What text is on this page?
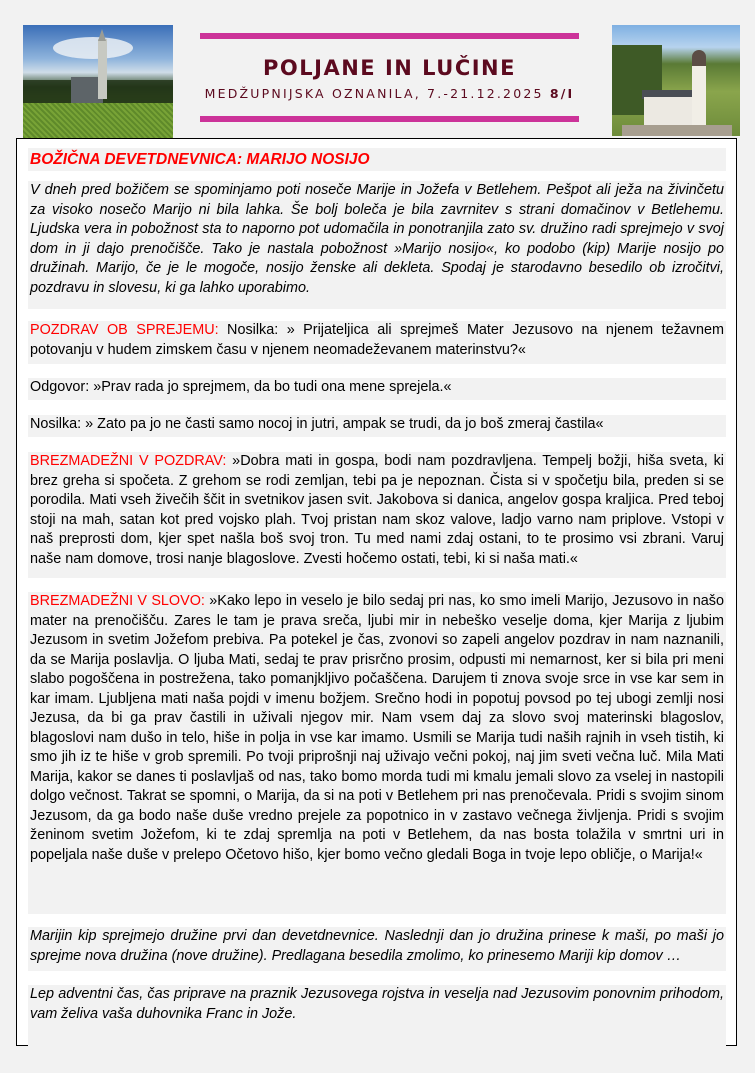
POLJANE IN LUČINE
MEDŽUPNIJSKA OZNANILA, 7.-21.12.2025 8/I
BOŽIČNA DEVETDNEVNICA: MARIJO NOSIJO
V dneh pred božičem se spominjamo poti noseče Marije in Jožefa v Betlehem. Pešpot ali ježa na živinčetu za visoko nosečo Marijo ni bila lahka. Še bolj boleča je bila zavrnitev s strani domačinov v Betlehemu. Ljudska vera in pobožnost sta to naporno pot udomačila in ponotranjila zato sv. družino radi sprejmejo v svoj dom in ji dajo prenočišče. Tako je nastala pobožnost »Marijo nosijo«, ko podobo (kip) Marije nosijo po družinah. Marijo, če je le mogoče, nosijo ženske ali dekleta. Spodaj je starodavno besedilo ob izročitvi, pozdravu in slovesu, ki ga lahko uporabimo.
POZDRAV OB SPREJEMU: Nosilka: » Prijateljica ali sprejmeš Mater Jezusovo na njenem težavnem potovanju v hudem zimskem času v njenem neomadeževanem materinstvu?«
Odgovor: »Prav rada jo sprejmem, da bo tudi ona mene sprejela.«
Nosilka: » Zato pa jo ne časti samo nocoj in jutri, ampak se trudi, da jo boš zmeraj častila«
BREZMADEŽNI V POZDRAV: »Dobra mati in gospa, bodi nam pozdravljena. Tempelj božji, hiša sveta, ki brez greha si spočeta. Z grehom se rodi zemljan, tebi pa je nepoznan. Čista si v spočetju bila, preden si se porodila. Mati vseh živečih ščit in svetnikov jasen svit. Jakobova si danica, angelov gospa kraljica. Pred teboj stoji na mah, satan kot pred vojsko plah. Tvoj pristan nam skoz valove, ladjo varno nam priplove. Vstopi v naš preprosti dom, kjer spet našla boš svoj tron. Tu med nami zdaj ostani, to te prosimo vsi zbrani. Varuj naše nam domove, trosi nanje blagoslove. Zvesti hočemo ostati, tebi, ki si naša mati.«
BREZMADEŽNI V SLOVO: »Kako lepo in veselo je bilo sedaj pri nas, ko smo imeli Marijo, Jezusovo in našo mater na prenočišču. Zares le tam je prava sreča, ljubi mir in nebeško veselje doma, kjer Marija z ljubim Jezusom in svetim Jožefom prebiva. Pa potekel je čas, zvonovi so zapeli angelov pozdrav in nam naznanili, da se Marija poslavlja. O ljuba Mati, sedaj te prav prisrčno prosim, odpusti mi nemarnost, ker si bila pri meni slabo pogoščena in postrežena, tako pomanjkljivo počaščena. Darujem ti znova svoje srce in vse kar sem in kar imam. Ljubljena mati naša pojdi v imenu božjem. Srečno hodi in popotuj povsod po tej ubogi zemlji nosi Jezusa, da bi ga prav častili in uživali njegov mir. Nam vsem daj za slovo svoj materinski blagoslov, blagoslovi nam dušo in telo, hiše in polja in vse kar imamo. Usmili se Marija tudi naših rajnih in vseh tistih, ki smo jih iz te hiše v grob spremili. Po tvoji priprošnji naj uživajo večni pokoj, naj jim sveti večna luč. Mila Mati Marija, kakor se danes ti poslavljaš od nas, tako bomo morda tudi mi kmalu jemali slovo za vselej in nastopili dolgo večnost. Takrat se spomni, o Marija, da si na poti v Betlehem pri nas prenočevala. Pridi s svojim sinom Jezusom, da ga bodo naše duše vredno prejele za popotnico in v zastavo večnega življenja. Pridi s svojim ženinom svetim Jožefom, ki te zdaj spremlja na poti v Betlehem, da nas bosta tolažila v smrtni uri in popeljala naše duše v prelepo Očetovo hišo, kjer bomo večno gledali Boga in tvoje lepo obličje, o Marija!«
Marijin kip sprejmejo družine prvi dan devetdnevnice. Naslednji dan jo družina prinese k maši, po maši jo sprejme nova družina (nove družine). Predlagana besedila zmolimo, ko prinesemo Mariji kip domov …
Lep adventni čas, čas priprave na praznik Jezusovega rojstva in veselja nad Jezusovim ponovnim prihodom, vam želiva vaša duhovnika Franc in Jože.
